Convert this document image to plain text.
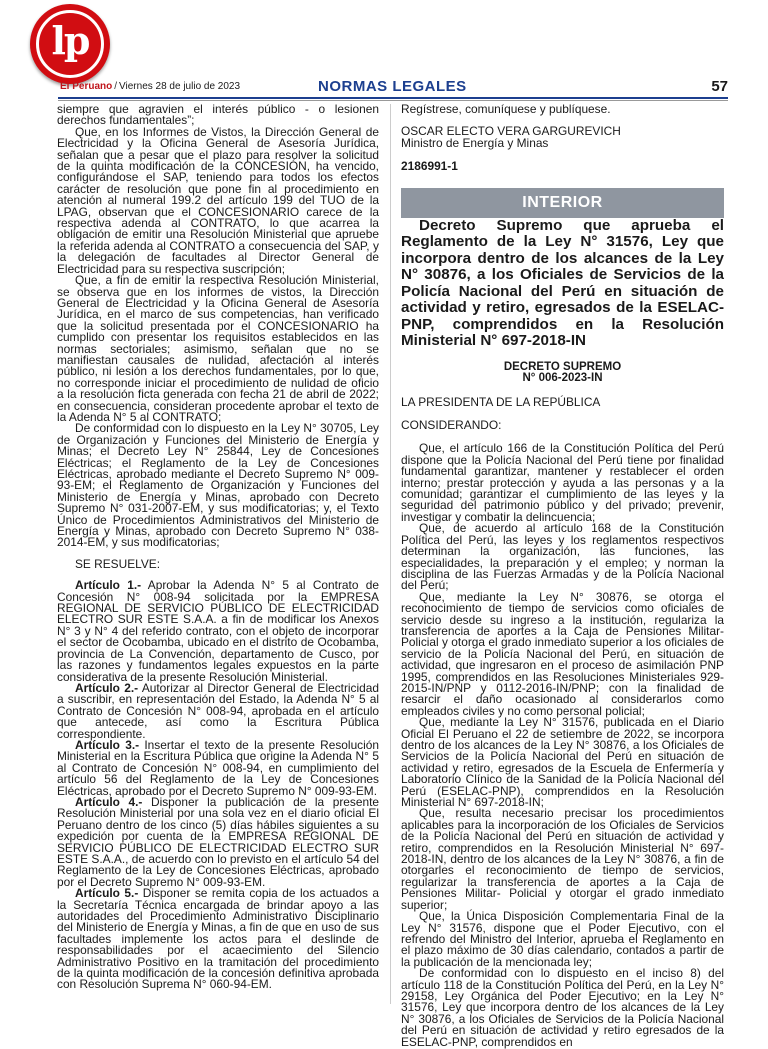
lp
El Peruano / Viernes 28 de julio de 2023	NORMAS LEGALES	57

siempre que agravien el interés público - o lesionen derechos fundamentales”;

Que, en los Informes de Vistos, la Dirección General de Electricidad y la Oficina General de Asesoría Jurídica, señalan que a pesar que el plazo para resolver la solicitud de la quinta modificación de la CONCESIÓN, ha vencido, configurándose el SAP, teniendo para todos los efectos carácter de resolución que pone fin al procedimiento en atención al numeral 199.2 del artículo 199 del TUO de la LPAG, observan que el CONCESIONARIO carece de la respectiva adenda al CONTRATO, lo que acarrea la obligación de emitir una Resolución Ministerial que apruebe la referida adenda al CONTRATO a consecuencia del SAP, y la delegación de facultades al Director General de Electricidad para su respectiva suscripción;

Que, a fin de emitir la respectiva Resolución Ministerial, se observa que en los informes de vistos, la Dirección General de Electricidad y la Oficina General de Asesoría Jurídica, en el marco de sus competencias, han verificado que la solicitud presentada por el CONCESIONARIO ha cumplido con presentar los requisitos establecidos en las normas sectoriales; asimismo, señalan que no se manifiestan causales de nulidad, afectación al interés público, ni lesión a los derechos fundamentales, por lo que, no corresponde iniciar el procedimiento de nulidad de oficio a la resolución ficta generada con fecha 21 de abril de 2022; en consecuencia, consideran procedente aprobar el texto de la Adenda N° 5 al CONTRATO;

De conformidad con lo dispuesto en la Ley N° 30705, Ley de Organización y Funciones del Ministerio de Energía y Minas; el Decreto Ley N° 25844, Ley de Concesiones Eléctricas; el Reglamento de la Ley de Concesiones Eléctricas, aprobado mediante el Decreto Supremo N° 009-93-EM; el Reglamento de Organización y Funciones del Ministerio de Energía y Minas, aprobado con Decreto Supremo N° 031-2007-EM, y sus modificatorias; y, el Texto Único de Procedimientos Administrativos del Ministerio de Energía y Minas, aprobado con Decreto Supremo N° 038-2014-EM, y sus modificatorias;

SE RESUELVE:

Artículo 1.- Aprobar la Adenda N° 5 al Contrato de Concesión N° 008-94 solicitada por la EMPRESA REGIONAL DE SERVICIO PÚBLICO DE ELECTRICIDAD ELECTRO SUR ESTE S.A.A. a fin de modificar los Anexos N° 3 y N° 4 del referido contrato, con el objeto de incorporar el sector de Ocobamba, ubicado en el distrito de Ocobamba, provincia de La Convención, departamento de Cusco, por las razones y fundamentos legales expuestos en la parte considerativa de la presente Resolución Ministerial.

Artículo 2.- Autorizar al Director General de Electricidad a suscribir, en representación del Estado, la Adenda N° 5 al Contrato de Concesión N° 008-94, aprobada en el artículo que antecede, así como la Escritura Pública correspondiente.

Artículo 3.- Insertar el texto de la presente Resolución Ministerial en la Escritura Pública que origine la Adenda N° 5 al Contrato de Concesión N° 008-94, en cumplimiento del artículo 56 del Reglamento de la Ley de Concesiones Eléctricas, aprobado por el Decreto Supremo N° 009-93-EM.

Artículo 4.- Disponer la publicación de la presente Resolución Ministerial por una sola vez en el diario oficial El Peruano dentro de los cinco (5) días hábiles siguientes a su expedición por cuenta de la EMPRESA REGIONAL DE SERVICIO PÚBLICO DE ELECTRICIDAD ELECTRO SUR ESTE S.A.A., de acuerdo con lo previsto en el artículo 54 del Reglamento de la Ley de Concesiones Eléctricas, aprobado por el Decreto Supremo N° 009-93-EM.

Artículo 5.- Disponer se remita copia de los actuados a la Secretaría Técnica encargada de brindar apoyo a las autoridades del Procedimiento Administrativo Disciplinario del Ministerio de Energía y Minas, a fin de que en uso de sus facultades implemente los actos para el deslinde de responsabilidades por el acaecimiento del Silencio Administrativo Positivo en la tramitación del procedimiento de la quinta modificación de la concesión definitiva aprobada con Resolución Suprema N° 060-94-EM.

Regístrese, comuníquese y publíquese.

OSCAR ELECTO VERA GARGUREVICH

Ministro de Energía y Minas

2186991-1

INTERIOR

Decreto Supremo que aprueba el Reglamento de la Ley N° 31576, Ley que incorpora dentro de los alcances de la Ley N° 30876, a los Oficiales de Servicios de la Policía Nacional del Perú en situación de actividad y retiro, egresados de la ESELAC-PNP, comprendidos en la Resolución Ministerial N° 697-2018-IN

DECRETO SUPREMO
N° 006-2023-IN

LA PRESIDENTA DE LA REPÚBLICA

CONSIDERANDO:

Que, el artículo 166 de la Constitución Política del Perú dispone que la Policía Nacional del Perú tiene por finalidad fundamental garantizar, mantener y restablecer el orden interno; prestar protección y ayuda a las personas y a la comunidad; garantizar el cumplimiento de las leyes y la seguridad del patrimonio público y del privado; prevenir, investigar y combatir la delincuencia;

Que, de acuerdo al artículo 168 de la Constitución Política del Perú, las leyes y los reglamentos respectivos determinan la organización, las funciones, las especialidades, la preparación y el empleo; y norman la disciplina de las Fuerzas Armadas y de la Policía Nacional del Perú;

Que, mediante la Ley N° 30876, se otorga el reconocimiento de tiempo de servicios como oficiales de servicio desde su ingreso a la institución, regulariza la transferencia de aportes a la Caja de Pensiones Militar-Policial y otorga el grado inmediato superior a los oficiales de servicio de la Policía Nacional del Perú, en situación de actividad, que ingresaron en el proceso de asimilación PNP 1995, comprendidos en las Resoluciones Ministeriales 929-2015-IN/PNP y 0112-2016-IN/PNP; con la finalidad de resarcir el daño ocasionado al considerarlos como empleados civiles y no como personal policial;

Que, mediante la Ley N° 31576, publicada en el Diario Oficial El Peruano el 22 de setiembre de 2022, se incorpora dentro de los alcances de la Ley N° 30876, a los Oficiales de Servicios de la Policía Nacional del Perú en situación de actividad y retiro, egresados de la Escuela de Enfermería y Laboratorio Clínico de la Sanidad de la Policía Nacional del Perú (ESELAC-PNP), comprendidos en la Resolución Ministerial N° 697-2018-IN;

Que, resulta necesario precisar los procedimientos aplicables para la incorporación de los Oficiales de Servicios de la Policía Nacional del Perú en situación de actividad y retiro, comprendidos en la Resolución Ministerial N° 697-2018-IN, dentro de los alcances de la Ley N° 30876, a fin de otorgarles el reconocimiento de tiempo de servicios, regularizar la transferencia de aportes a la Caja de Pensiones Militar- Policial y otorgar el grado inmediato superior;

Que, la Única Disposición Complementaria Final de la Ley N° 31576, dispone que el Poder Ejecutivo, con el refrendo del Ministro del Interior, aprueba el Reglamento en el plazo máximo de 30 días calendario, contados a partir de la publicación de la mencionada ley;

De conformidad con lo dispuesto en el inciso 8) del artículo 118 de la Constitución Política del Perú, en la Ley N° 29158, Ley Orgánica del Poder Ejecutivo; en la Ley N° 31576, Ley que incorpora dentro de los alcances de la Ley N° 30876, a los Oficiales de Servicios de la Policía Nacional del Perú en situación de actividad y retiro egresados de la ESELAC-PNP, comprendidos en
